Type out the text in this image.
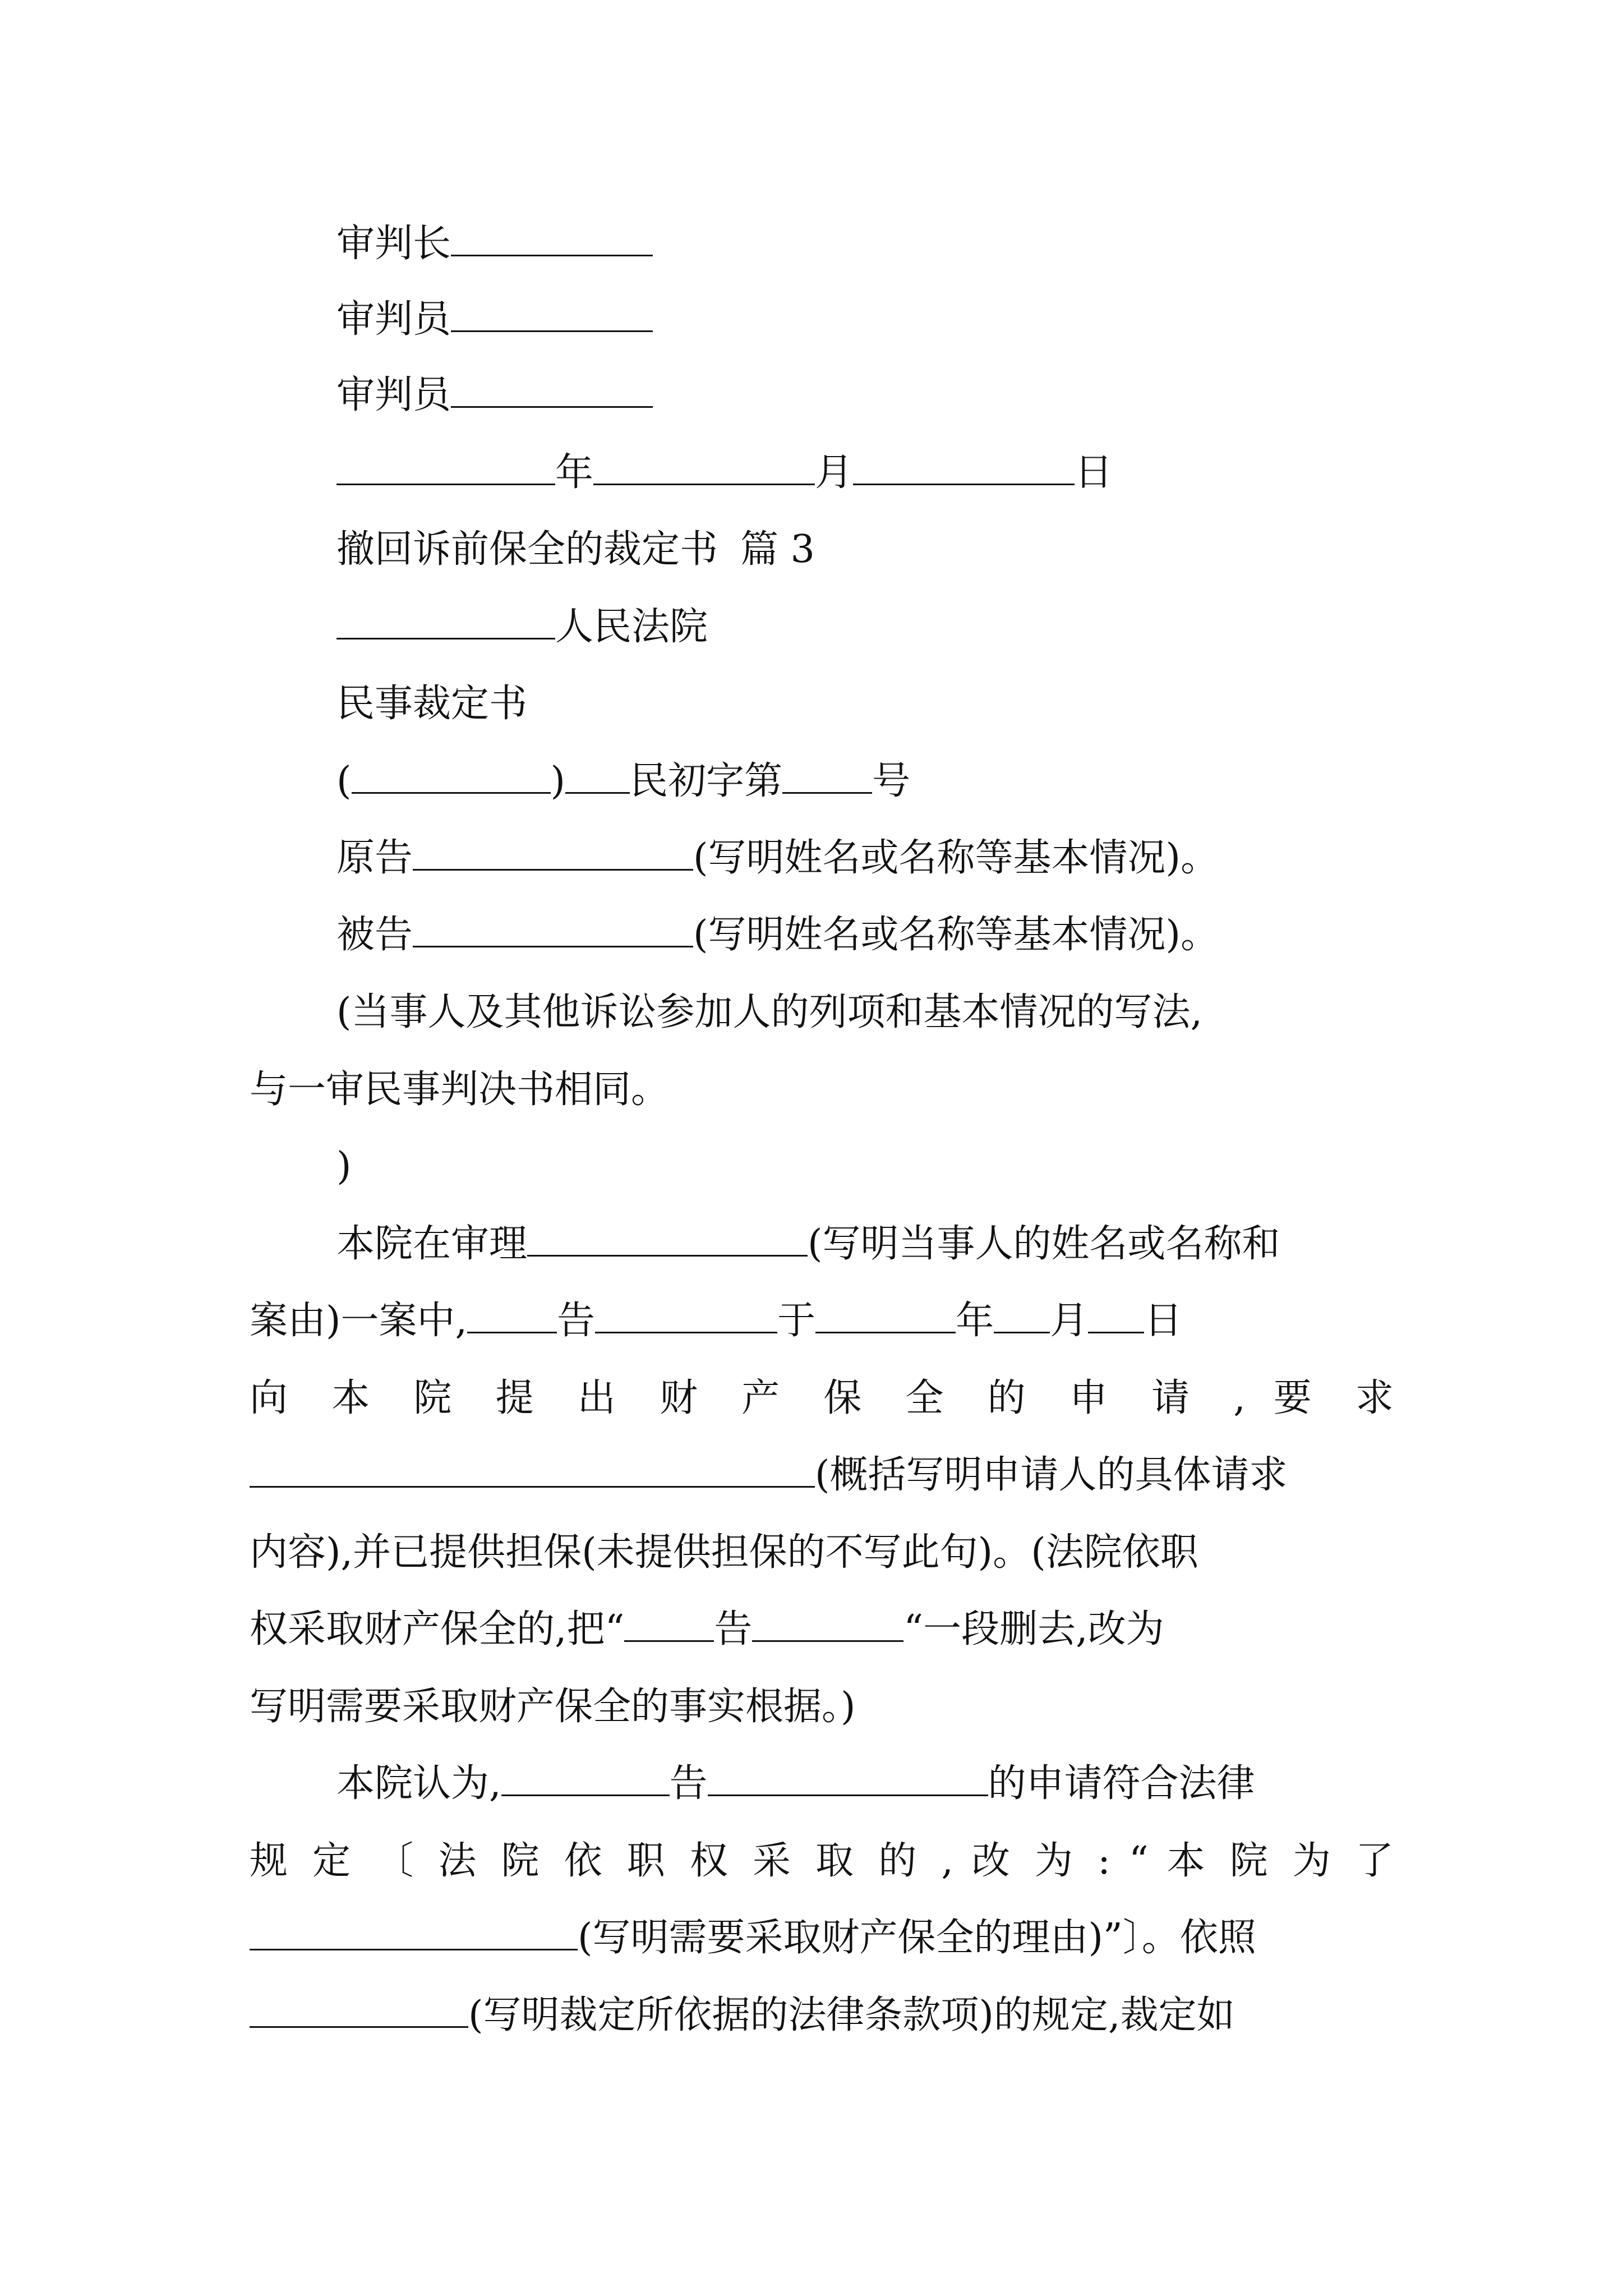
审判长
审判员
审判员
年	月	日
撤回诉前保全的裁定书 篇 3
人民法院
民事裁定书
(	) 民初字第 号
原告	(写明姓名或名称等基本情况)。
被告	(写明姓名或名称等基本情况)。
(当事人及其他诉讼参加人的列项和基本情况的写法,
与一审民事判决书相同。
)
本院在审理	(写明当事人的姓名或名称和
案由)一案中, 告	于	年 月 日
向 本 院 提 出 财 产 保 全 的 申 请 , 要 求
(概括写明申请人的具体请求
内容),并已提供担保(未提供担保的不写此句)。(法院依职
权采取财产保全的,把“ 告	“一段删去,改为
写明需要采取财产保全的事实根据。)
本院认为,	告	的申请符合法律
规 定 〔 法 院 依 职 权 采 取 的 , 改 为 : “ 本 院 为 了
(写明需要采取财产保全的理由)”〕。依照
(写明裁定所依据的法律条款项)的规定,裁定如
